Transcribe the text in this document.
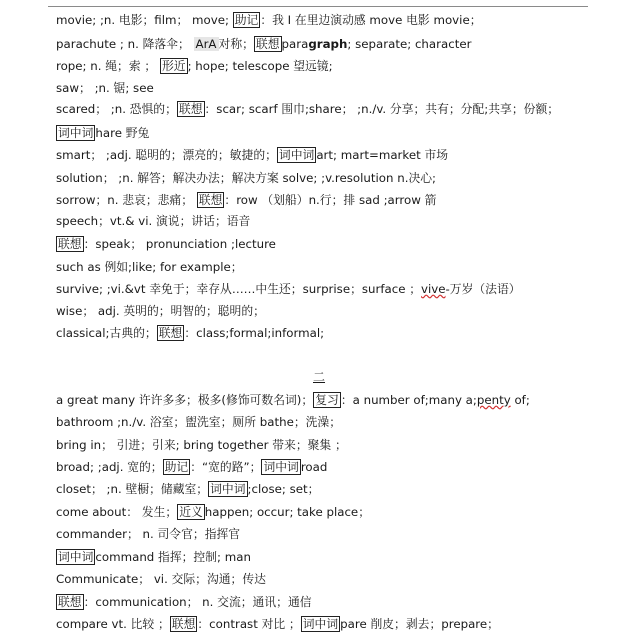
二
movie; ;n. 电影；film； move; 助记 ：我 I 在里边演动感 move 电影 movie；
parachute ; n. 降落伞； ArA 对称； 联想 paragraph; separate; character
rope; n. 绳；索 ； 形近 ; hope; telescope 望远镜;
saw； ;n. 锯; see
scared； ;n. 恐惧的； 联想 ：scar; scarf 围巾;share； ;n./v. 分享；共有；分配;共享；份额；
词中词 hare 野兔
smart； ;adj. 聪明的；漂亮的；敏捷的； 词中词 art; mart=market 市场
solution； ;n. 解答；解决办法；解决方案 solve; ;v.resolution n.决心;
sorrow；n. 悲哀；悲痛； 联想 ：row （划船）n.行；排 sad ;arrow 箭
speech；vt.& vi. 演说；讲话；语音
联想 ：speak； pronunciation ;lecture
such as 例如;like; for example；
survive; ;vi.&vt 幸免于；幸存从……中生还；surprise；surface ；vive-万岁（法语）
wise； adj. 英明的；明智的；聪明的；
classical;古典的； 联想 ：class;formal;informal;
a great many 许许多多；极多(修饰可数名词)； 复习 ：a number of;many a;penty of;
bathroom ;n./v. 浴室；盥洗室；厕所 bathe；洗澡；
bring in； 引进；引来; bring together 带来；聚集 ；
broad; ;adj. 宽的； 助记 ：“宽的路”； 词中词 road
closet； ;n. 壁橱；储藏室； 词中词 ;close; set；
come about： 发生； 近义 happen; occur; take place；
commander； n. 司令官；指挥官
词中词 command 指挥；控制; man
Communicate； vi. 交际；沟通；传达
联想 ：communication； n. 交流；通讯；通信
compare vt. 比较 ； 联想 ：contrast 对比 ； 词中词 pare 削皮；剥去；prepare；
